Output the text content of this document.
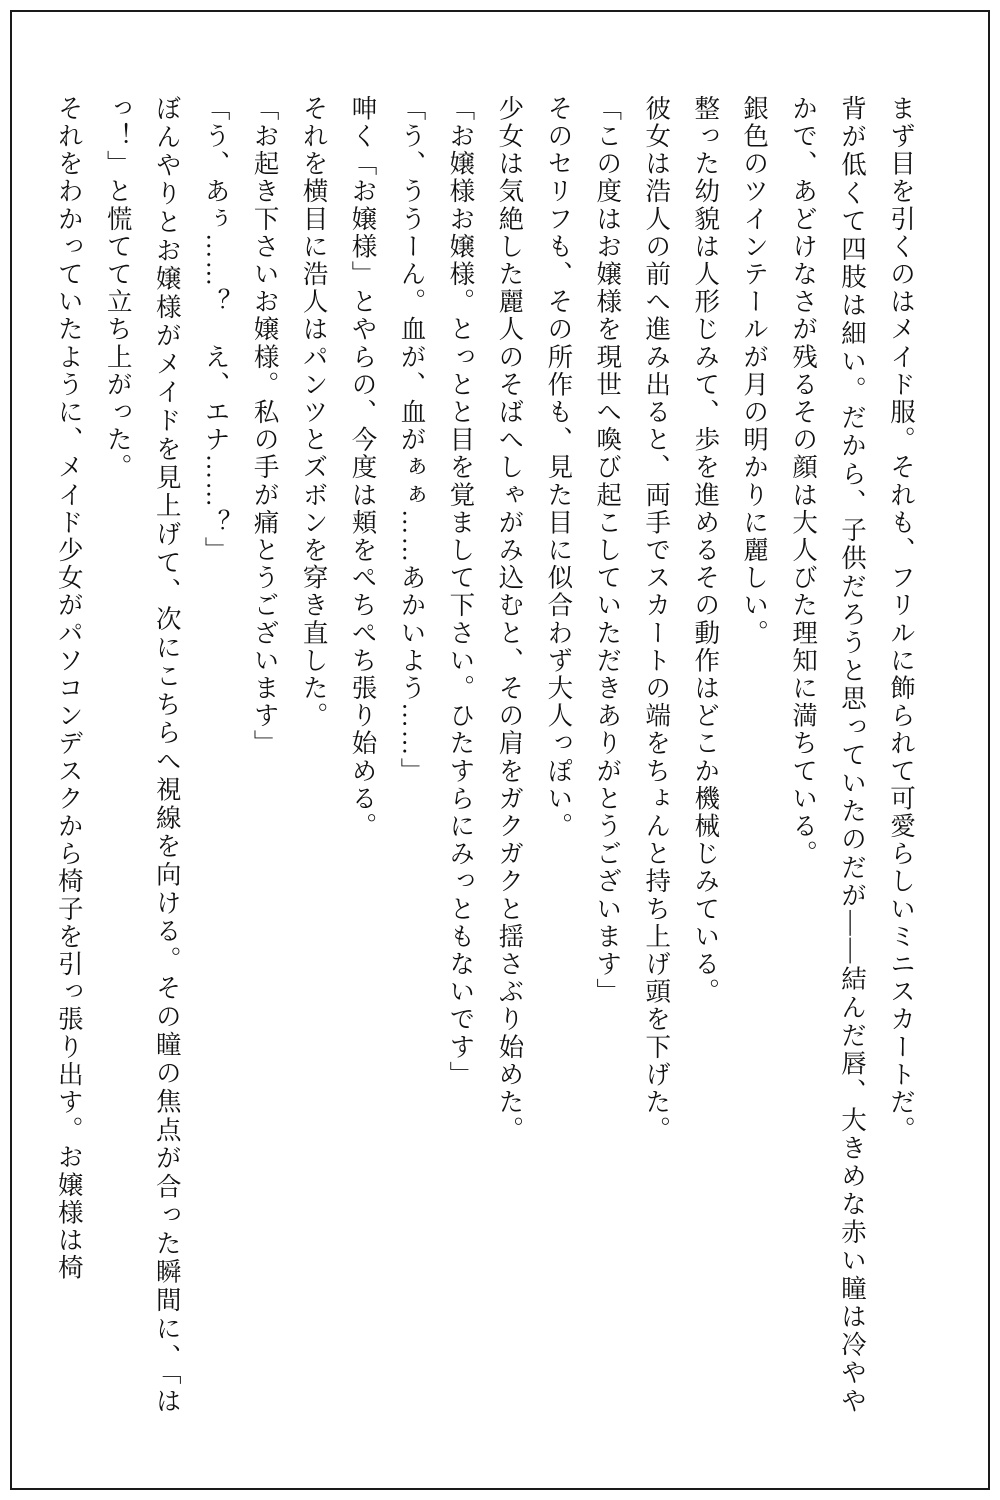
まず目を引くのはメイド服。それも、フリルに飾られて可愛らしいミニスカートだ。

背が低くて四肢は細い。だから、子供だろうと思っていたのだが――結んだ唇、大きめな赤い瞳は冷ややかで、あどけなさが残るその顔は大人びた理知に満ちている。

銀色のツインテールが月の明かりに麗しい。

整った幼貌は人形じみて、歩を進めるその動作はどこか機械じみている。

彼女は浩人の前へ進み出ると、両手でスカートの端をちょんと持ち上げ頭を下げた。

「この度はお嬢様を現世へ喚び起こしていただきありがとうございます」

そのセリフも、その所作も、見た目に似合わず大人っぽい。

少女は気絶した麗人のそばへしゃがみ込むと、その肩をガクガクと揺さぶり始めた。

「お嬢様お嬢様。とっとと目を覚まして下さい。ひたすらにみっともないです」

「う、ううーん。血が、血がぁぁ……あかいよう……」

呻く「お嬢様」とやらの、今度は頬をぺちぺち張り始める。

それを横目に浩人はパンツとズボンを穿き直した。

「お起き下さいお嬢様。私の手が痛とうございます」

「う、あぅ……？　え、エナ……？」

ぼんやりとお嬢様がメイドを見上げて、次にこちらへ視線を向ける。その瞳の焦点が合った瞬間に、「はっ！」と慌てて立ち上がった。

それをわかっていたように、メイド少女がパソコンデスクから椅子を引っ張り出す。お嬢様は椅
